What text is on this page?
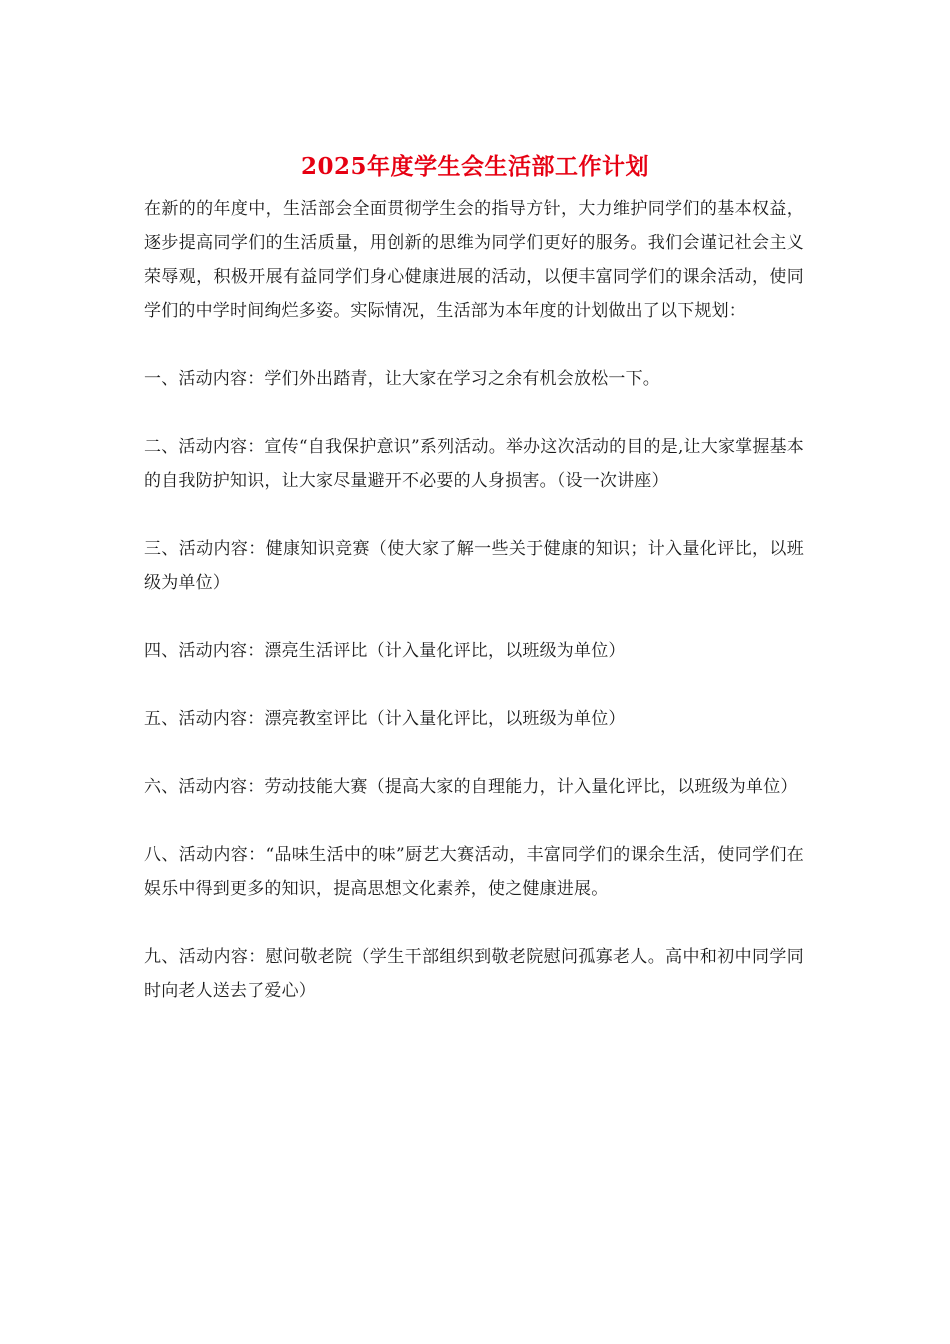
2025年度学生会生活部工作计划

在新的的年度中，生活部会全面贯彻学生会的指导方针，大力维护同学们的基本权益，逐步提高同学们的生活质量，用创新的思维为同学们更好的服务。我们会谨记社会主义荣辱观，积极开展有益同学们身心健康进展的活动，以便丰富同学们的课余活动，使同学们的中学时间绚烂多姿。实际情况，生活部为本年度的计划做出了以下规划：

一、活动内容：学们外出踏青，让大家在学习之余有机会放松一下。

二、活动内容：宣传“自我保护意识”系列活动。举办这次活动的目的是,让大家掌握基本的自我防护知识，让大家尽量避开不必要的人身损害。（设一次讲座）

三、活动内容：健康知识竞赛（使大家了解一些关于健康的知识；计入量化评比，以班级为单位）

四、活动内容：漂亮生活评比（计入量化评比，以班级为单位）

五、活动内容：漂亮教室评比（计入量化评比，以班级为单位）

六、活动内容：劳动技能大赛（提高大家的自理能力，计入量化评比，以班级为单位）

八、活动内容：“品味生活中的味”厨艺大赛活动，丰富同学们的课余生活，使同学们在娱乐中得到更多的知识，提高思想文化素养，使之健康进展。

九、活动内容：慰问敬老院（学生干部组织到敬老院慰问孤寡老人。高中和初中同学同时向老人送去了爱心）
